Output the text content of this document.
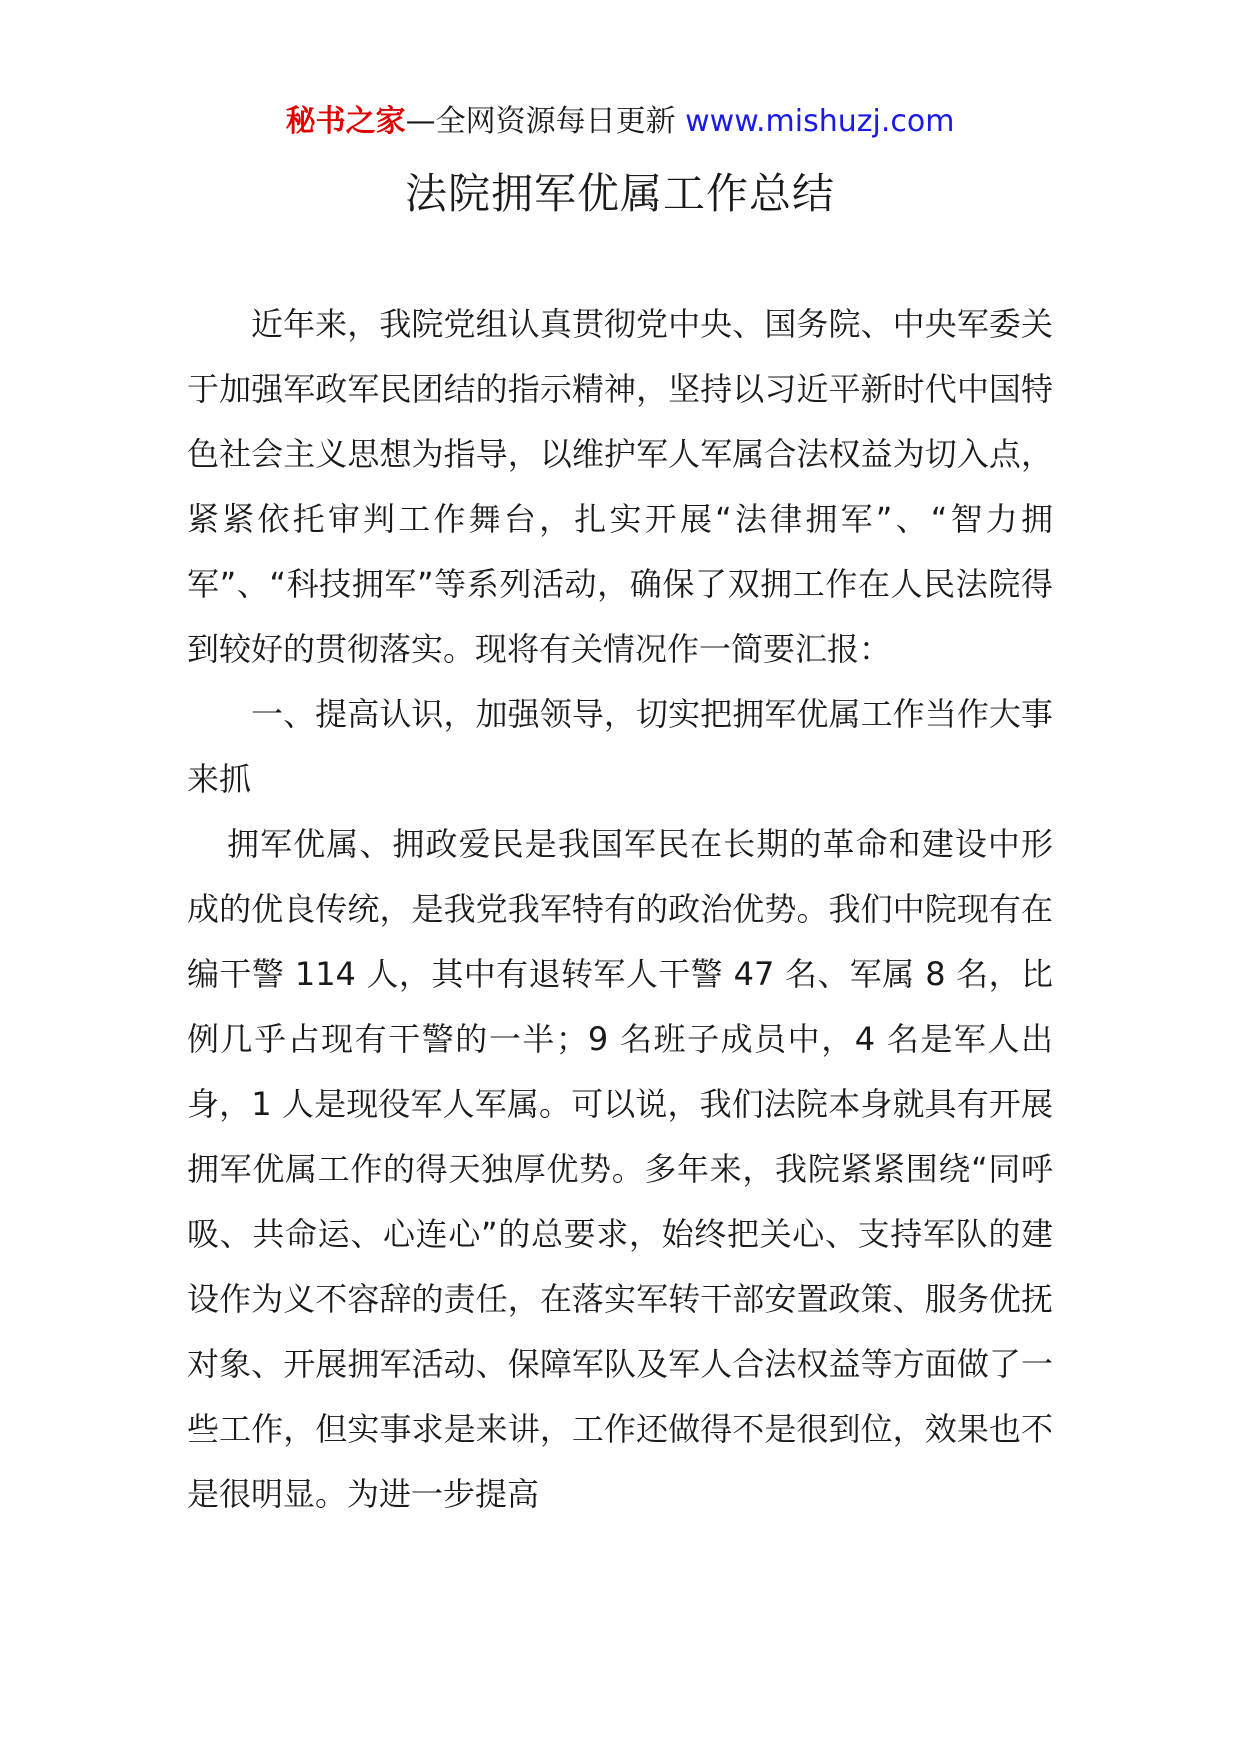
秘书之家—全网资源每日更新 www.mishuzj.com
法院拥军优属工作总结

近年来，我院党组认真贯彻党中央、国务院、中央军委关于加强军政军民团结的指示精神，坚持以习近平新时代中国特色社会主义思想为指导，以维护军人军属合法权益为切入点，紧紧依托审判工作舞台，扎实开展“法律拥军”、“智力拥军”、“科技拥军”等系列活动，确保了双拥工作在人民法院得到较好的贯彻落实。现将有关情况作一简要汇报：

一、提高认识，加强领导，切实把拥军优属工作当作大事来抓

拥军优属、拥政爱民是我国军民在长期的革命和建设中形成的优良传统，是我党我军特有的政治优势。我们中院现有在编干警 114 人，其中有退转军人干警 47 名、军属 8 名，比例几乎占现有干警的一半；9 名班子成员中，4 名是军人出身，1 人是现役军人军属。可以说，我们法院本身就具有开展拥军优属工作的得天独厚优势。多年来，我院紧紧围绕“同呼吸、共命运、心连心”的总要求，始终把关心、支持军队的建设作为义不容辞的责任，在落实军转干部安置政策、服务优抚对象、开展拥军活动、保障军队及军人合法权益等方面做了一些工作，但实事求是来讲，工作还做得不是很到位，效果也不是很明显。为进一步提高
